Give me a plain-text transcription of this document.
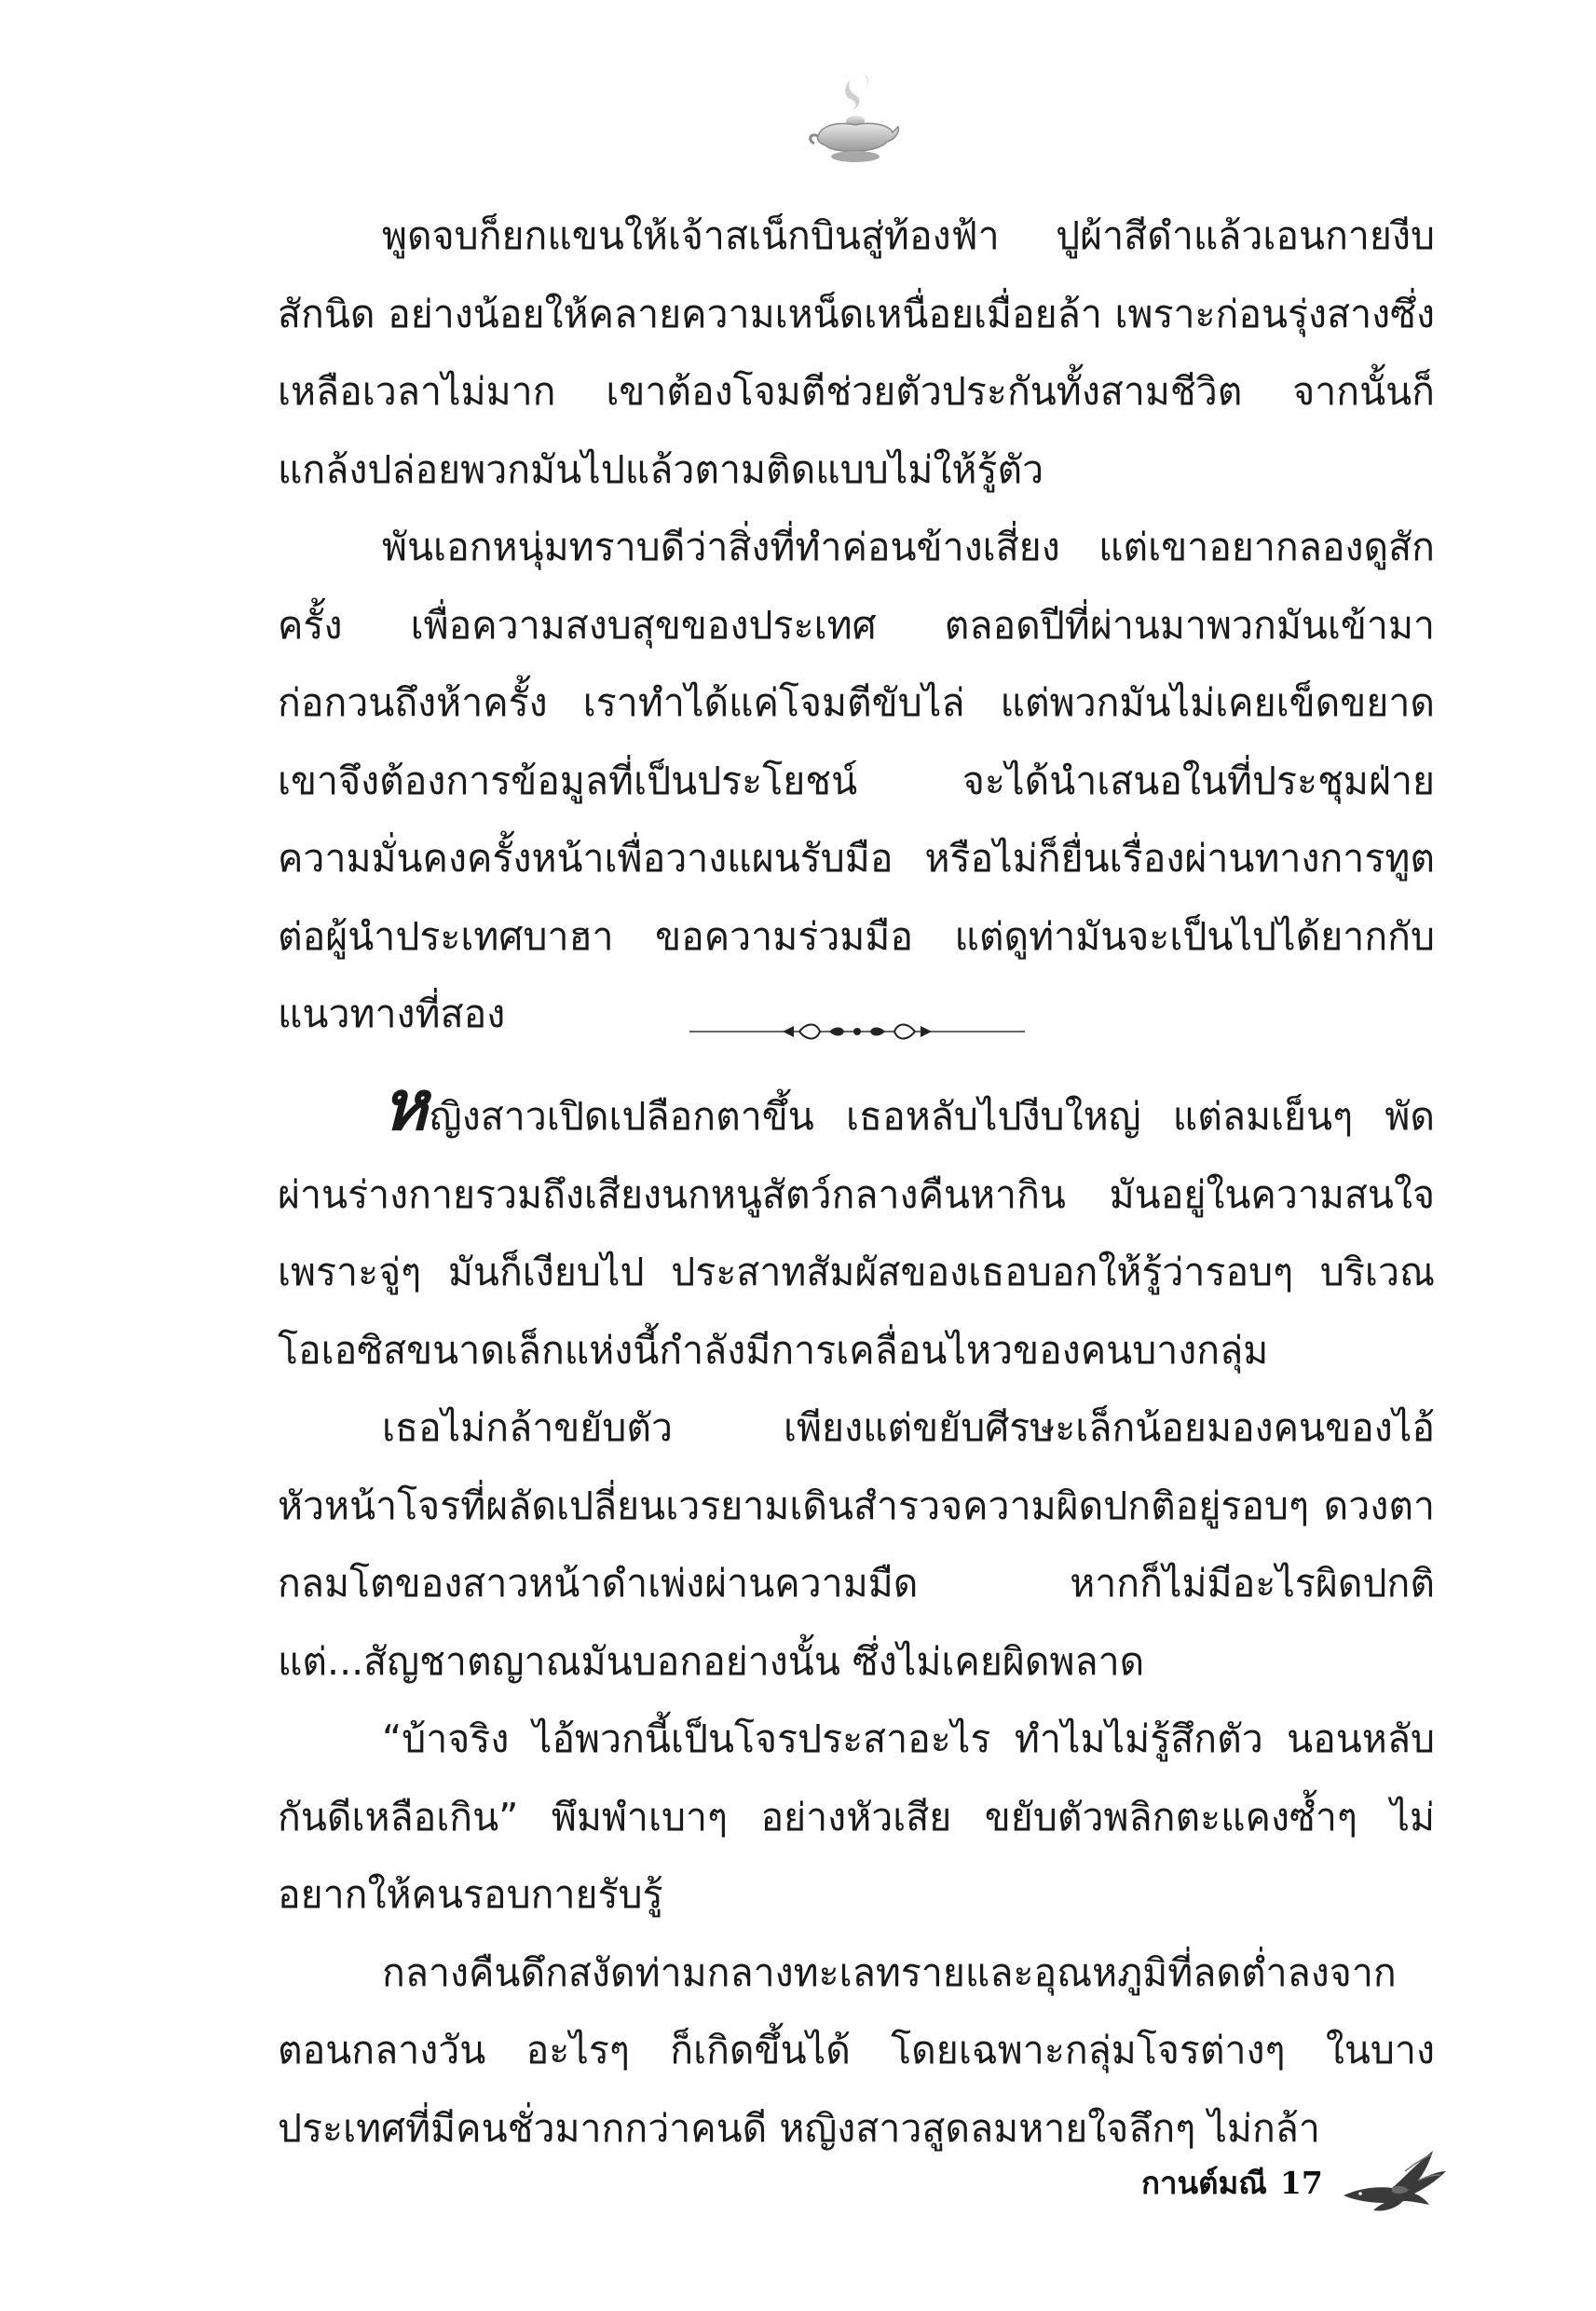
พูดจบก็ยกแขนให้เจ้าสเน็กบินสู่ท้องฟ้า ปูผ้าสีดำแล้วเอนกายงีบสักนิด อย่างน้อยให้คลายความเหน็ดเหนื่อยเมื่อยล้า เพราะก่อนรุ่งสางซึ่งเหลือเวลาไม่มาก เขาต้องโจมตีช่วยตัวประกันทั้งสามชีวิต จากนั้นก็แกล้งปล่อยพวกมันไปแล้วตามติดแบบไม่ให้รู้ตัว

พันเอกหนุ่มทราบดีว่าสิ่งที่ทำค่อนข้างเสี่ยง แต่เขาอยากลองดูสักครั้ง เพื่อความสงบสุขของประเทศ ตลอดปีที่ผ่านมาพวกมันเข้ามาก่อกวนถึงห้าครั้ง เราทำได้แค่โจมตีขับไล่ แต่พวกมันไม่เคยเข็ดขยาด เขาจึงต้องการข้อมูลที่เป็นประโยชน์ จะได้นำเสนอในที่ประชุมฝ่ายความมั่นคงครั้งหน้าเพื่อวางแผนรับมือ หรือไม่ก็ยื่นเรื่องผ่านทางการทูตต่อผู้นำประเทศบาฮา ขอความร่วมมือ แต่ดูท่ามันจะเป็นไปได้ยากกับแนวทางที่สอง

หญิงสาวเปิดเปลือกตาขึ้น เธอหลับไปงีบใหญ่ แต่ลมเย็นๆ พัดผ่านร่างกายรวมถึงเสียงนกหนูสัตว์กลางคืนหากิน มันอยู่ในความสนใจ เพราะจู่ๆ มันก็เงียบไป ประสาทสัมผัสของเธอบอกให้รู้ว่ารอบๆ บริเวณโอเอซิสขนาดเล็กแห่งนี้กำลังมีการเคลื่อนไหวของคนบางกลุ่ม

เธอไม่กล้าขยับตัว เพียงแต่ขยับศีรษะเล็กน้อยมองคนของไอ้หัวหน้าโจรที่ผลัดเปลี่ยนเวรยามเดินสำรวจความผิดปกติอยู่รอบๆ ดวงตากลมโตของสาวหน้าดำเพ่งผ่านความมืด หากก็ไม่มีอะไรผิดปกติ แต่...สัญชาตญาณมันบอกอย่างนั้น ซึ่งไม่เคยผิดพลาด

“บ้าจริง ไอ้พวกนี้เป็นโจรประสาอะไร ทำไมไม่รู้สึกตัว นอนหลับกันดีเหลือเกิน” พึมพำเบาๆ อย่างหัวเสีย ขยับตัวพลิกตะแคงซ้ำๆ ไม่อยากให้คนรอบกายรับรู้

กลางคืนดึกสงัดท่ามกลางทะเลทรายและอุณหภูมิที่ลดต่ำลงจากตอนกลางวัน อะไรๆ ก็เกิดขึ้นได้ โดยเฉพาะกลุ่มโจรต่างๆ ในบางประเทศที่มีคนชั่วมากกว่าคนดี หญิงสาวสูดลมหายใจลึกๆ ไม่กล้า

กานต์มณี 17
